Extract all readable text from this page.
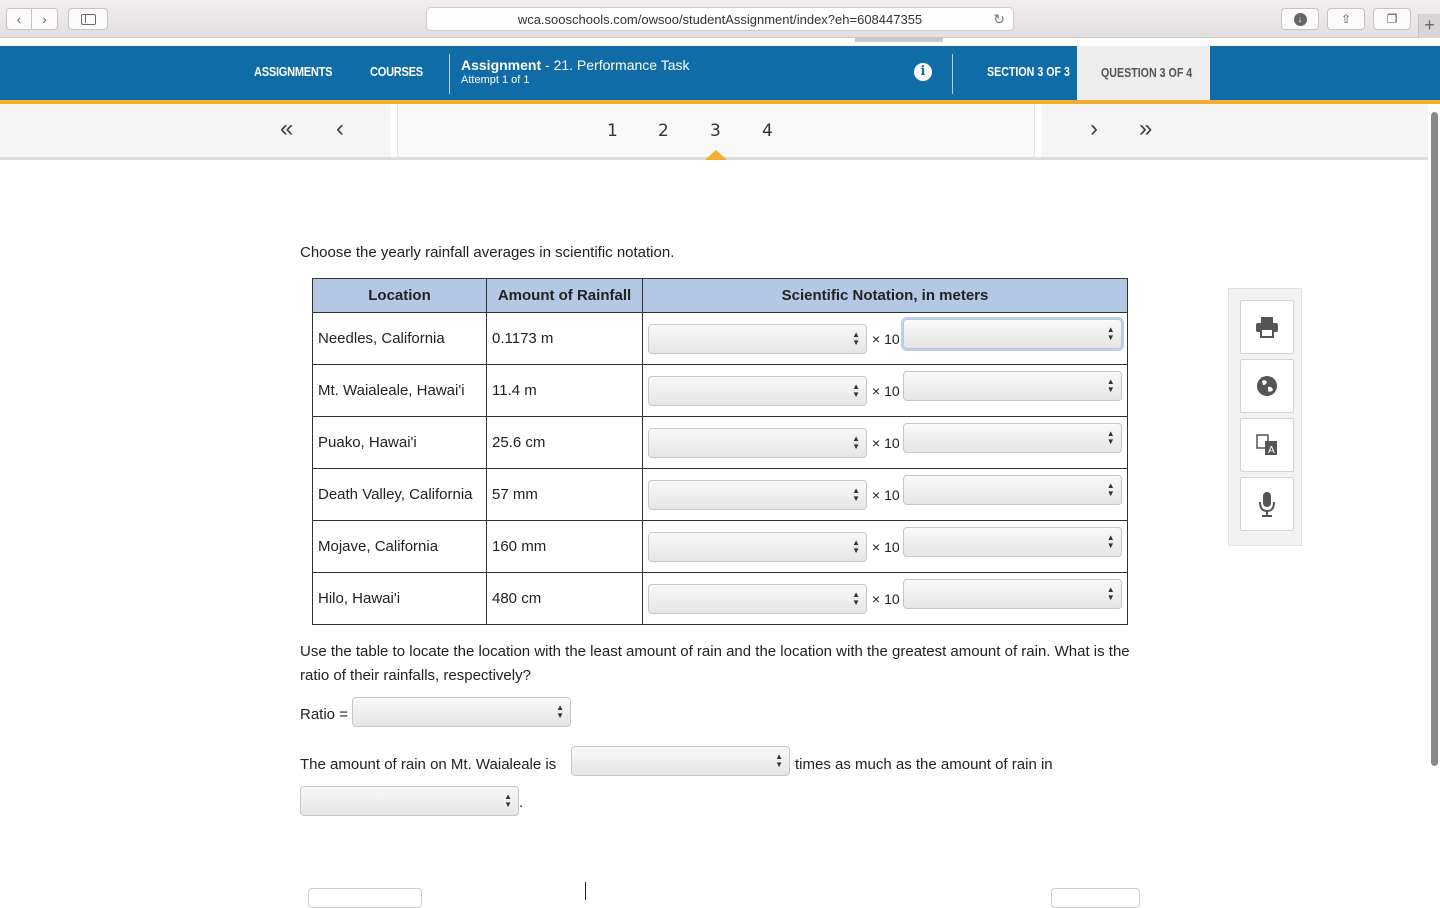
‹	›	wca.sooschools.com/owsoo/studentAssignment/index?eh=608447355	↻	↓	⇧	❐	+
ASSIGNMENTS	COURSES	Assignment - 21. Performance Task
Attempt 1 of 1
i	SECTION 3 OF 3 QUESTION 3 OF 4
« ‹	1 2 3 4	› »
Choose the yearly rainfall averages in scientific notation.
Location	Amount of Rainfall	Scientific Notation, in meters
Needles, California	0.1173 m	▲
▼ × 10
▲
▼

Mt. Waialeale, Hawai'i	11.4 m	▲
▼ × 10
▲
▼

Puako, Hawai'i	25.6 cm	▲
▼ × 10
▲
▼

Death Valley, California	57 mm	▲
▼ × 10
▲
▼

Mojave, California	160 mm	▲
▼ × 10
▲
▼

Hilo, Hawai'i	480 cm	▲
▼ × 10
▲
▼
Use the table to locate the location with the least amount of rain and the location with the greatest amount of rain. What is the ratio of their rainfalls, respectively?
Ratio =	▲
▼
The amount of rain on Mt. Waialeale is	▲
▼ times as much as the amount of rain in
▲
▼ .
A
